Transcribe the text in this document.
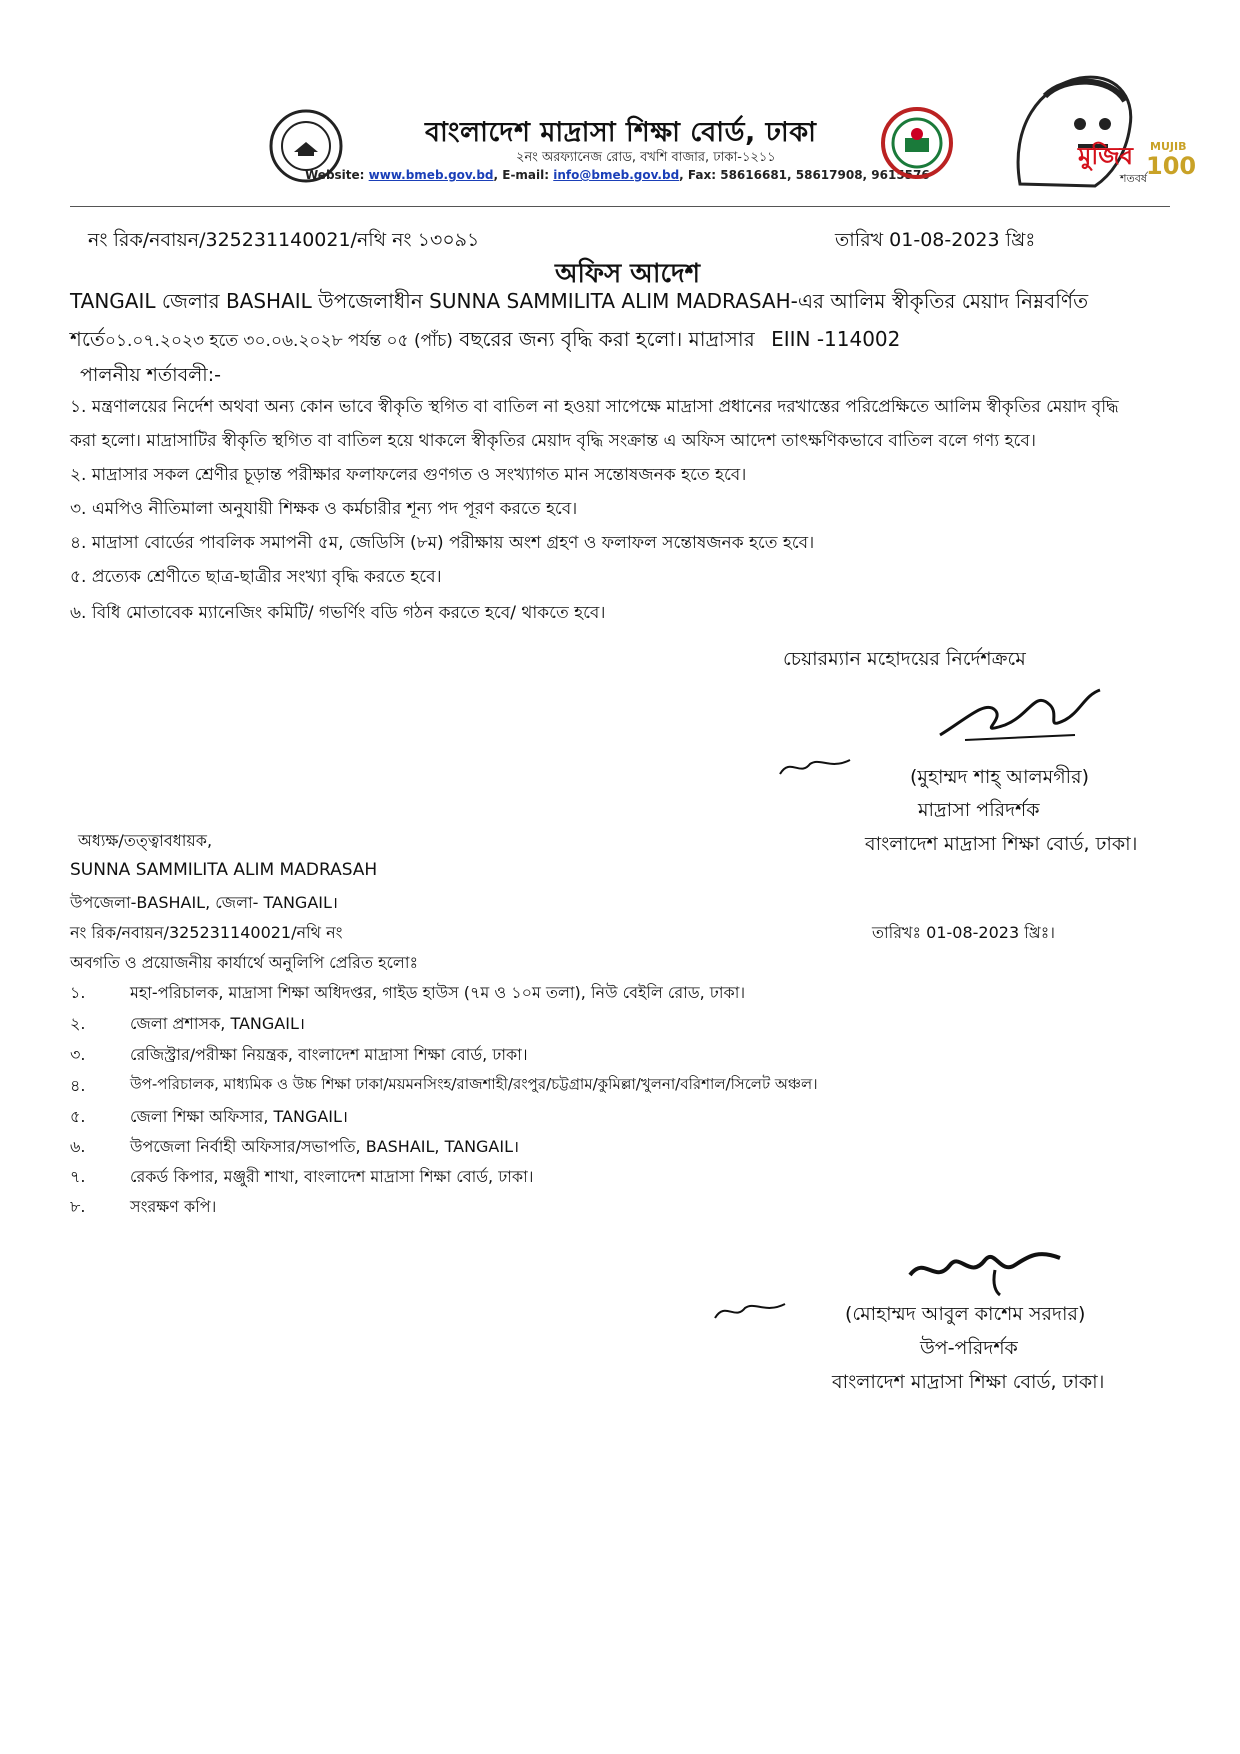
বাংলাদেশ মাদ্রাসা শিক্ষা বোর্ড, ঢাকা
২নং অরফ্যানেজ রোড, বখশি বাজার, ঢাকা-১২১১
Website: www.bmeb.gov.bd, E-mail: info@bmeb.gov.bd, Fax: 58616681, 58617908, 9615576
মুজিব
শতবর্ষ
MUJIB
100
নং রিক/নবায়ন/325231140021/নথি নং ১৩০৯১	তারিখ 01-08-2023 খ্রিঃ
অফিস আদেশ
TANGAIL জেলার BASHAIL উপজেলাধীন SUNNA SAMMILITA ALIM MADRASAH-এর আলিম স্বীকৃতির মেয়াদ নিম্নবর্ণিত
শর্তে০১.০৭.২০২৩ হতে ৩০.০৬.২০২৮ পর্যন্ত ০৫ (পাঁচ) বছরের জন্য বৃদ্ধি করা হলো। মাদ্রাসার EIIN -114002
পালনীয় শর্তাবলী:-
১. মন্ত্রণালয়ের নির্দেশ অথবা অন্য কোন ভাবে স্বীকৃতি স্থগিত বা বাতিল না হওয়া সাপেক্ষে মাদ্রাসা প্রধানের দরখাস্তের পরিপ্রেক্ষিতে আলিম স্বীকৃতির মেয়াদ বৃদ্ধি
করা হলো। মাদ্রাসাটির স্বীকৃতি স্থগিত বা বাতিল হয়ে থাকলে স্বীকৃতির মেয়াদ বৃদ্ধি সংক্রান্ত এ অফিস আদেশ তাৎক্ষণিকভাবে বাতিল বলে গণ্য হবে।
২. মাদ্রাসার সকল শ্রেণীর চূড়ান্ত পরীক্ষার ফলাফলের গুণগত ও সংখ্যাগত মান সন্তোষজনক হতে হবে।
৩. এমপিও নীতিমালা অনুযায়ী শিক্ষক ও কর্মচারীর শূন্য পদ পূরণ করতে হবে।
৪. মাদ্রাসা বোর্ডের পাবলিক সমাপনী ৫ম, জেডিসি (৮ম) পরীক্ষায় অংশ গ্রহণ ও ফলাফল সন্তোষজনক হতে হবে।
৫. প্রত্যেক শ্রেণীতে ছাত্র-ছাত্রীর সংখ্যা বৃদ্ধি করতে হবে।
৬. বিধি মোতাবেক ম্যানেজিং কমিটি/ গভর্ণিং বডি গঠন করতে হবে/ থাকতে হবে।
চেয়ারম্যান মহোদয়ের নির্দেশক্রমে
(মুহাম্মদ শাহ্ আলমগীর)
মাদ্রাসা পরিদর্শক
বাংলাদেশ মাদ্রাসা শিক্ষা বোর্ড, ঢাকা।
অধ্যক্ষ/তত্ত্বাবধায়ক,
SUNNA SAMMILITA ALIM MADRASAH
উপজেলা-BASHAIL, জেলা- TANGAIL।
নং রিক/নবায়ন/325231140021/নথি নং	তারিখঃ 01-08-2023 খ্রিঃ।
অবগতি ও প্রয়োজনীয় কার্যার্থে অনুলিপি প্রেরিত হলোঃ
১.	মহা-পরিচালক, মাদ্রাসা শিক্ষা অধিদপ্তর, গাইড হাউস (৭ম ও ১০ম তলা), নিউ বেইলি রোড, ঢাকা।
২.	জেলা প্রশাসক, TANGAIL।
৩.	রেজিস্ট্রার/পরীক্ষা নিয়ন্ত্রক, বাংলাদেশ মাদ্রাসা শিক্ষা বোর্ড, ঢাকা।
৪.	উপ-পরিচালক, মাধ্যমিক ও উচ্চ শিক্ষা ঢাকা/ময়মনসিংহ/রাজশাহী/রংপুর/চট্টগ্রাম/কুমিল্লা/খুলনা/বরিশাল/সিলেট অঞ্চল।
৫.	জেলা শিক্ষা অফিসার, TANGAIL।
৬.	উপজেলা নির্বাহী অফিসার/সভাপতি, BASHAIL, TANGAIL।
৭.	রেকর্ড কিপার, মঞ্জুরী শাখা, বাংলাদেশ মাদ্রাসা শিক্ষা বোর্ড, ঢাকা।
৮.	সংরক্ষণ কপি।
(মোহাম্মদ আবুল কাশেম সরদার)
উপ-পরিদর্শক
বাংলাদেশ মাদ্রাসা শিক্ষা বোর্ড, ঢাকা।
